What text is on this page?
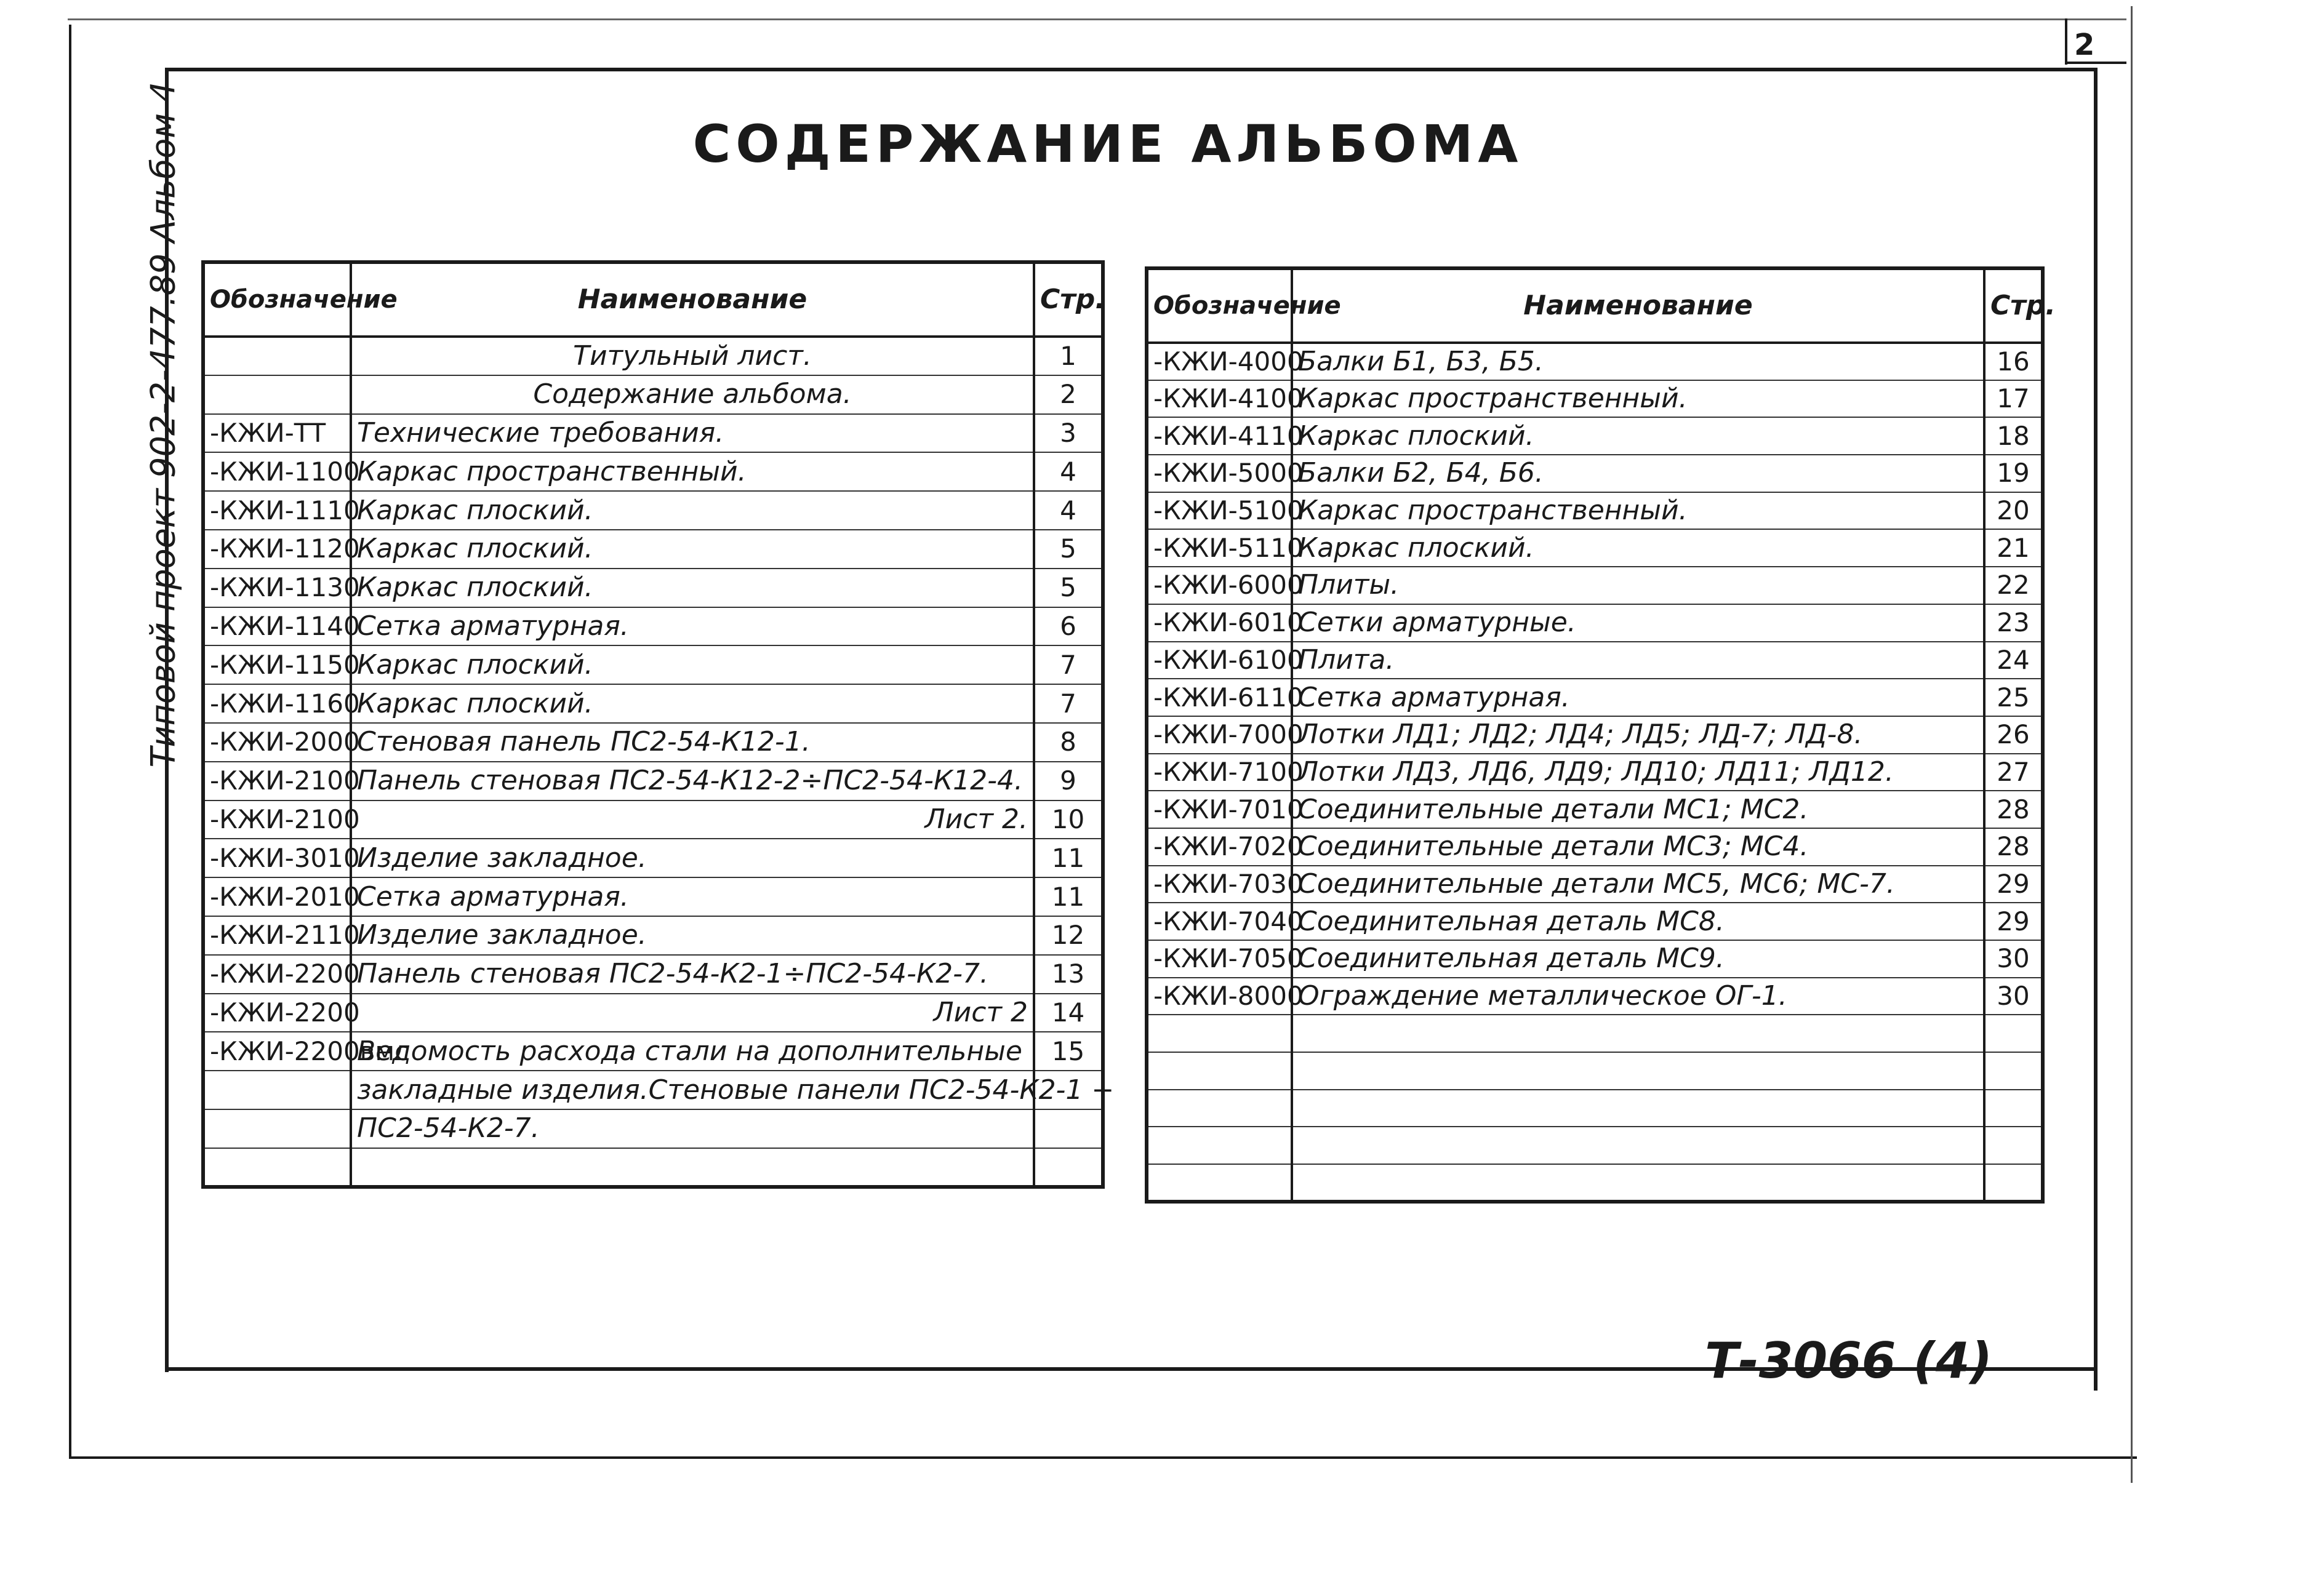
2
Типовой проект 902-2-477.89 Альбом 4	СОДЕРЖАНИЕ АЛЬБОМА
Т-3066 (4)
Обозначение	Наименование	Стр.
	Титульный лист.	1
	Содержание альбома.	2
-КЖИ-ТТ	Технические требования.	3
-КЖИ-1100	Каркас пространственный.	4
-КЖИ-1110	Каркас плоский.	4
-КЖИ-1120	Каркас плоский.	5
-КЖИ-1130	Каркас плоский.	5
-КЖИ-1140	Сетка арматурная.	6
-КЖИ-1150	Каркас плоский.	7
-КЖИ-1160	Каркас плоский.	7
-КЖИ-2000	Стеновая панель ПС2-54-К12-1.	8
-КЖИ-2100	Панель стеновая ПС2-54-К12-2÷ПС2-54-К12-4.	9
-КЖИ-2100	Лист 2.	10
-КЖИ-3010	Изделие закладное.	11
-КЖИ-2010	Сетка арматурная.	11
-КЖИ-2110	Изделие закладное.	12
-КЖИ-2200	Панель стеновая ПС2-54-К2-1÷ПС2-54-К2-7.	13
-КЖИ-2200	Лист 2	14
-КЖИ-2200вмс	Ведомость расхода стали на дополнительные	15
	закладные изделия.Стеновые панели ПС2-54-К2-1 ÷	
	ПС2-54-К2-7.	

Обозначение	Наименование	Стр.
-КЖИ-4000	Балки Б1, Б3, Б5.	16
-КЖИ-4100	Каркас пространственный.	17
-КЖИ-4110	Каркас плоский.	18
-КЖИ-5000	Балки Б2, Б4, Б6.	19
-КЖИ-5100	Каркас пространственный.	20
-КЖИ-5110	Каркас плоский.	21
-КЖИ-6000	Плиты.	22
-КЖИ-6010	Сетки арматурные.	23
-КЖИ-6100	Плита.	24
-КЖИ-6110	Сетка арматурная.	25
-КЖИ-7000	Лотки ЛД1; ЛД2; ЛД4; ЛД5; ЛД-7; ЛД-8.	26
-КЖИ-7100	Лотки ЛД3, ЛД6, ЛД9; ЛД10; ЛД11; ЛД12.	27
-КЖИ-7010	Соединительные детали МС1; МС2.	28
-КЖИ-7020	Соединительные детали МС3; МС4.	28
-КЖИ-7030	Соединительные детали МС5, МС6; МС-7.	29
-КЖИ-7040	Соединительная деталь МС8.	29
-КЖИ-7050	Соединительная деталь МС9.	30
-КЖИ-8000	Ограждение металлическое ОГ-1.	30
